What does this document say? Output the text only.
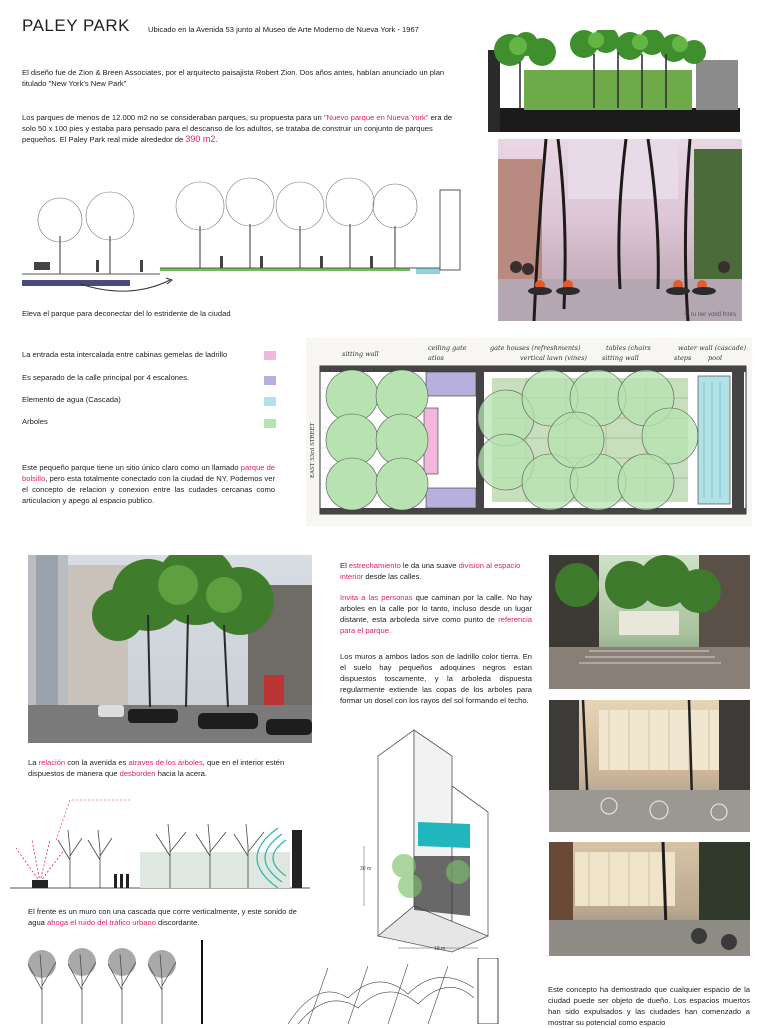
PALEY PARK Ubicado en la Avenida 53 junto al Museo de Arte Moderno de Nueva York - 1967
El diseño fue de Zion & Breen Associates, por el arquitecto paisajista Robert Zion. Dos años antes, habían anunciado un plan titulado "New York's New Park"
Los parques de menos de 12.000 m2 no se consideraban parques, su propuesta para un "Nuevo parque en Nueva York" era de solo 50 x 100 pies y estaba para pensado para el descanso de los adultos, se trataba de construir un conjunto de parques pequeños. El Paley Park real mide alrededor de 390 m2.
© ru ner vordl fnnrs
Eleva el parque para deconectar del lo estridente de la ciudad
La entrada esta intercalada entre cabinas gemelas de ladrillo
Es separado de la calle principal por 4 escalones.
Elemento de agua (Cascada)
Arboles
Este pequeño parque tiene un sitio único claro como un llamado parque de bolsillo, pero esta totalmente conectado con la ciudad de NY. Podemos ver el concepto de relacion y conexion entre las cudades cercanas como articulacion y apego al espacio publico.
sitting wall
ceiling gate
atios
gate houses (refreshments)
vertical lawn (vines)
tables (chairs
sitting wall
water wall (cascade)
steps	pool
EAST 53rd STREET
La relación con la avenida es atraves de los árboles, que en el interior estén dispuestos de manera que desborden hacia la acera.
El frente es un muro con una cascada que corre verticalmente, y este sonido de agua ahoga el ruido del tráfico urbano discordante.
30 m
13 m
El estrechamiento le da una suave division al espacio interior desde las calles.
Invita a las personas que caminan por la calle. No hay arboles en la calle por lo tanto, incluso desde un lugar distante, esta arboleda sirve como punto de referencia para el parque.
Los muros a ambos lados son de ladrillo color tierra. En el suelo hay pequeños adoquines negros estan dispuestos toscamente, y la arboleda dispuesta regularmente extiende las copas de los arboles para formar un dosel con los rayos del sol formando el techo.
Este concepto ha demostrado que cualquier espacio de la ciudad puede ser objeto de dueño. Los espacios muertos han sido expulsados y las ciudades han comenzado a mostrar su potencial como espacio
